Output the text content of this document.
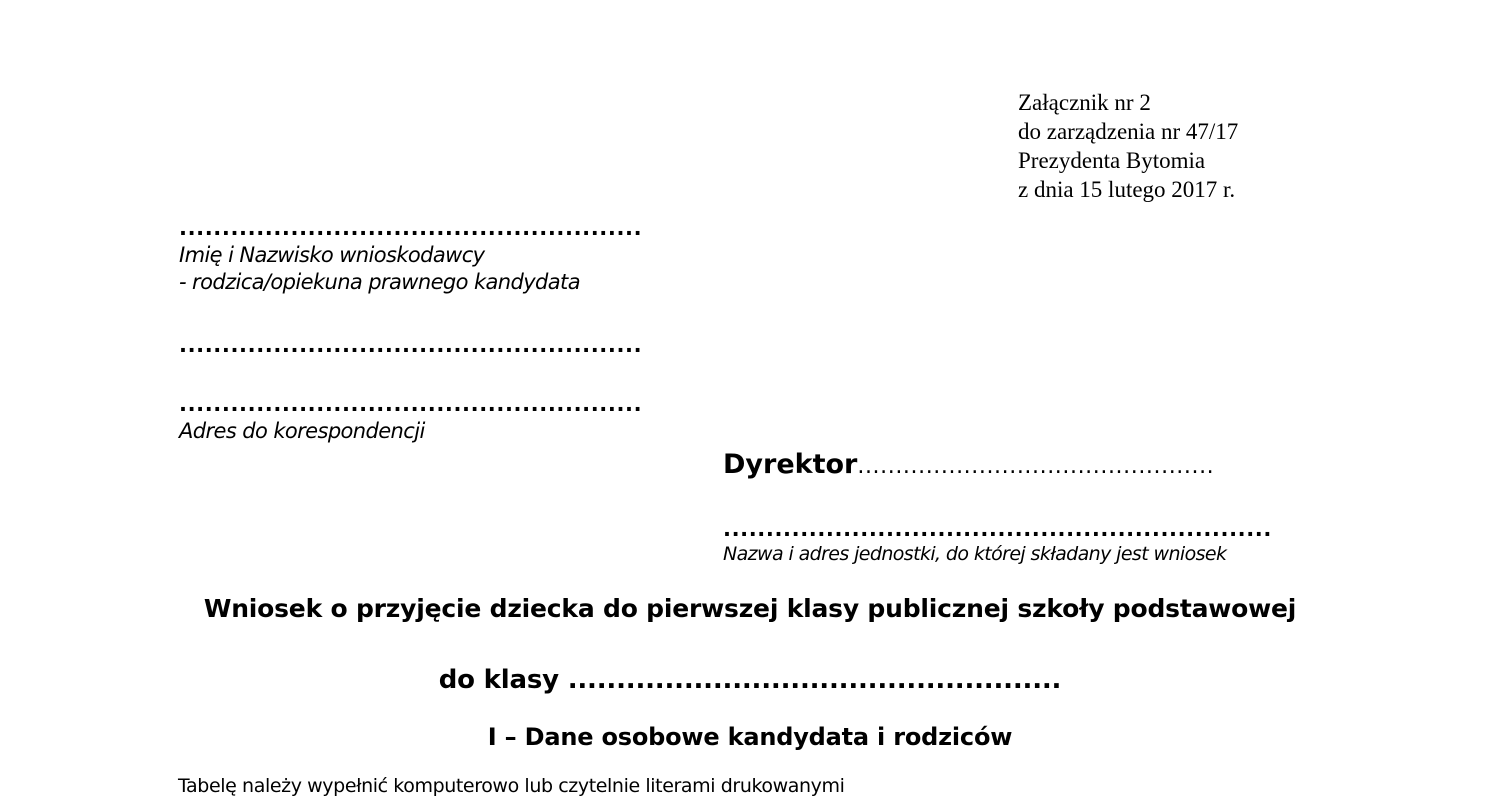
Załącznik nr 2
do zarządzenia nr 47/17
Prezydenta Bytomia
z dnia 15 lutego 2017 r.
......................................................
Imię i Nazwisko wnioskodawcy
- rodzica/opiekuna prawnego kandydata
......................................................
......................................................
Adres do korespondencji
Dyrektor...............................................
................................................................
Nazwa i adres jednostki, do której składany jest wniosek
Wniosek o przyjęcie dziecka do pierwszej klasy publicznej szkoły podstawowej
do klasy ...................................................
I – Dane osobowe kandydata i rodziców
Tabelę należy wypełnić komputerowo lub czytelnie literami drukowanymi
